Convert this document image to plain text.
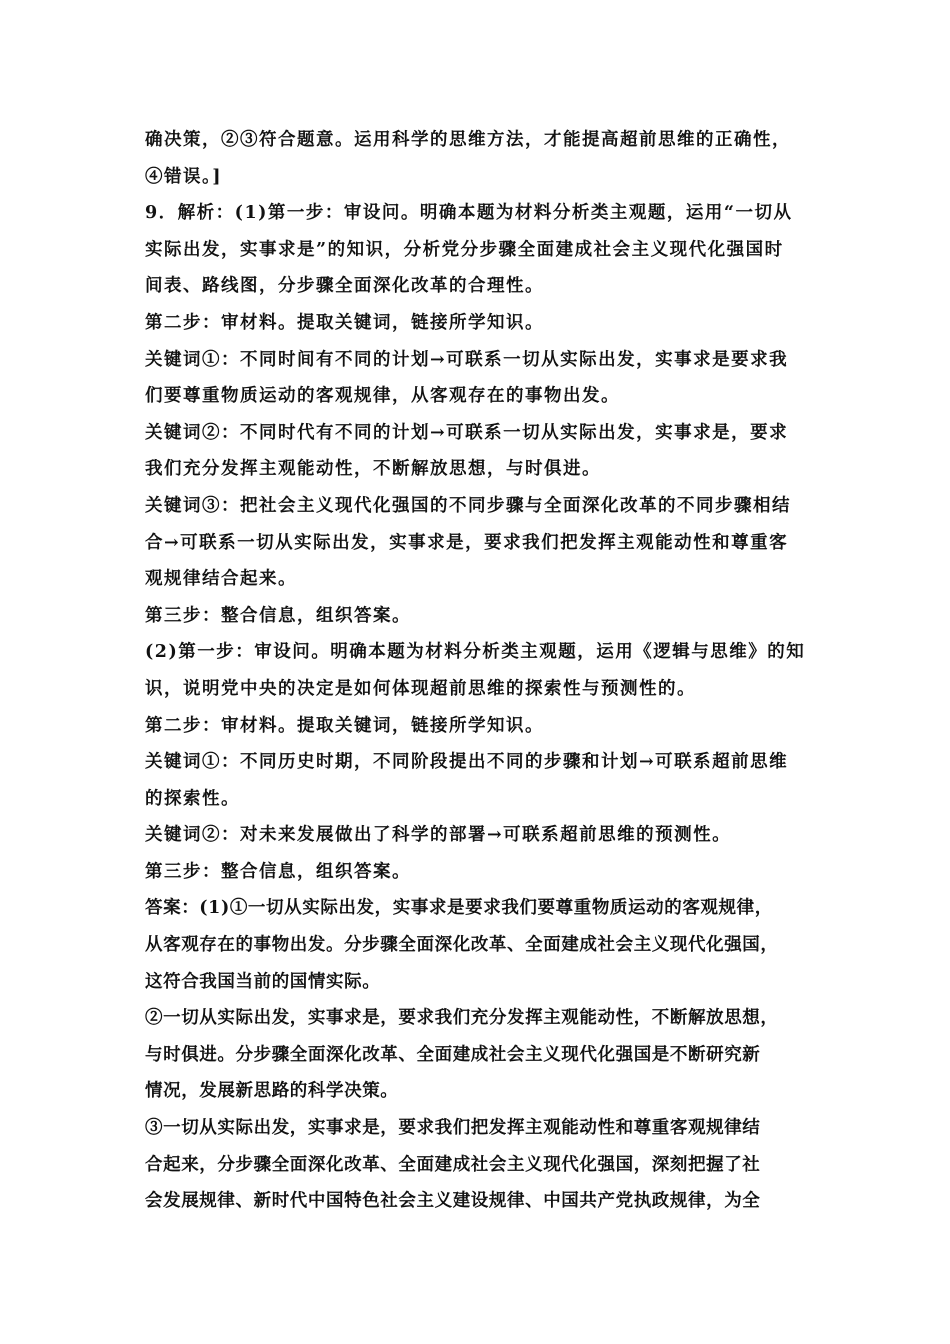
确决策，②③符合题意。运用科学的思维方法，才能提高超前思维的正确性，
④错误。]
9．解析：(1)第一步：审设问。明确本题为材料分析类主观题，运用“一切从
实际出发，实事求是”的知识，分析党分步骤全面建成社会主义现代化强国时
间表、路线图，分步骤全面深化改革的合理性。
第二步：审材料。提取关键词，链接所学知识。
关键词①：不同时间有不同的计划→可联系一切从实际出发，实事求是要求我
们要尊重物质运动的客观规律，从客观存在的事物出发。
关键词②：不同时代有不同的计划→可联系一切从实际出发，实事求是，要求
我们充分发挥主观能动性，不断解放思想，与时俱进。
关键词③：把社会主义现代化强国的不同步骤与全面深化改革的不同步骤相结
合→可联系一切从实际出发，实事求是，要求我们把发挥主观能动性和尊重客
观规律结合起来。
第三步：整合信息，组织答案。
(2)第一步：审设问。明确本题为材料分析类主观题，运用《逻辑与思维》的知
识，说明党中央的决定是如何体现超前思维的探索性与预测性的。
第二步：审材料。提取关键词，链接所学知识。
关键词①：不同历史时期，不同阶段提出不同的步骤和计划→可联系超前思维
的探索性。
关键词②：对未来发展做出了科学的部署→可联系超前思维的预测性。
第三步：整合信息，组织答案。
答案：(1)①一切从实际出发，实事求是要求我们要尊重物质运动的客观规律，
从客观存在的事物出发。分步骤全面深化改革、全面建成社会主义现代化强国，
这符合我国当前的国情实际。
②一切从实际出发，实事求是，要求我们充分发挥主观能动性，不断解放思想，
与时俱进。分步骤全面深化改革、全面建成社会主义现代化强国是不断研究新
情况，发展新思路的科学决策。
③一切从实际出发，实事求是，要求我们把发挥主观能动性和尊重客观规律结
合起来，分步骤全面深化改革、全面建成社会主义现代化强国，深刻把握了社
会发展规律、新时代中国特色社会主义建设规律、中国共产党执政规律，为全
